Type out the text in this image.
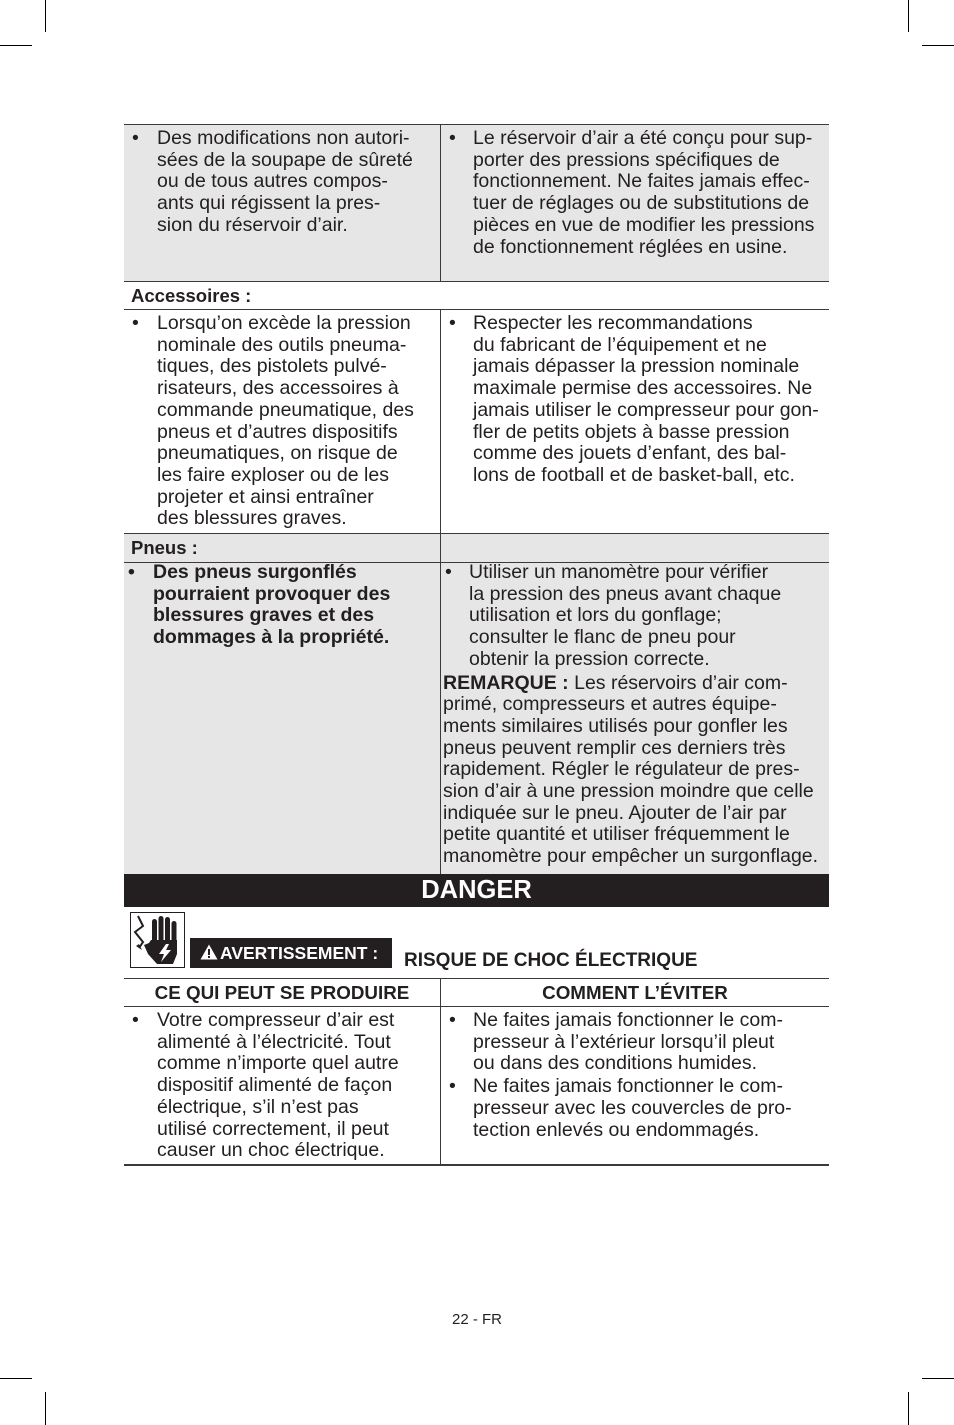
• Des modifications non autori-
sées de la soupape de sûreté
ou de tous autres compos-
ants qui régissent la pres-
sion du réservoir d’air.
• Le réservoir d’air a été conçu pour sup-
porter des pressions spécifiques de
fonctionnement. Ne faites jamais effec-
tuer de réglages ou de substitutions de
pièces en vue de modifier les pressions
de fonctionnement réglées en usine.
Accessoires :
• Lorsqu’on excède la pression
nominale des outils pneuma-
tiques, des pistolets pulvé-
risateurs, des accessoires à
commande pneumatique, des
pneus et d’autres dispositifs
pneumatiques, on risque de
les faire exploser ou de les
projeter et ainsi entraîner
des blessures graves.
• Respecter les recommandations
du fabricant de l’équipement et ne
jamais dépasser la pression nominale
maximale permise des accessoires. Ne
jamais utiliser le compresseur pour gon-
fler de petits objets à basse pression
comme des jouets d’enfant, des bal-
lons de football et de basket-ball, etc.
Pneus :
• Des pneus surgonflés
pourraient provoquer des
blessures graves et des
dommages à la propriété.
• Utiliser un manomètre pour vérifier
la pression des pneus avant chaque
utilisation et lors du gonflage;
consulter le flanc de pneu pour
obtenir la pression correcte.
REMARQUE : Les réservoirs d’air com-
primé, compresseurs et autres équipe-
ments similaires utilisés pour gonfler les
pneus peuvent remplir ces derniers très
rapidement. Régler le régulateur de pres-
sion d’air à une pression moindre que celle
indiquée sur le pneu. Ajouter de l’air par
petite quantité et utiliser fréquemment le
manomètre pour empêcher un surgonflage.
DANGER
AVERTISSEMENT : RISQUE DE CHOC ÉLECTRIQUE
CE QUI PEUT SE PRODUIRE	COMMENT L’ÉVITER
• Votre compresseur d’air est
alimenté à l’électricité. Tout
comme n’importe quel autre
dispositif alimenté de façon
électrique, s’il n’est pas
utilisé correctement, il peut
causer un choc électrique.
• Ne faites jamais fonctionner le com-
presseur à l’extérieur lorsqu’il pleut
ou dans des conditions humides.
• Ne faites jamais fonctionner le com-
presseur avec les couvercles de pro-
tection enlevés ou endommagés.
22 - FR
